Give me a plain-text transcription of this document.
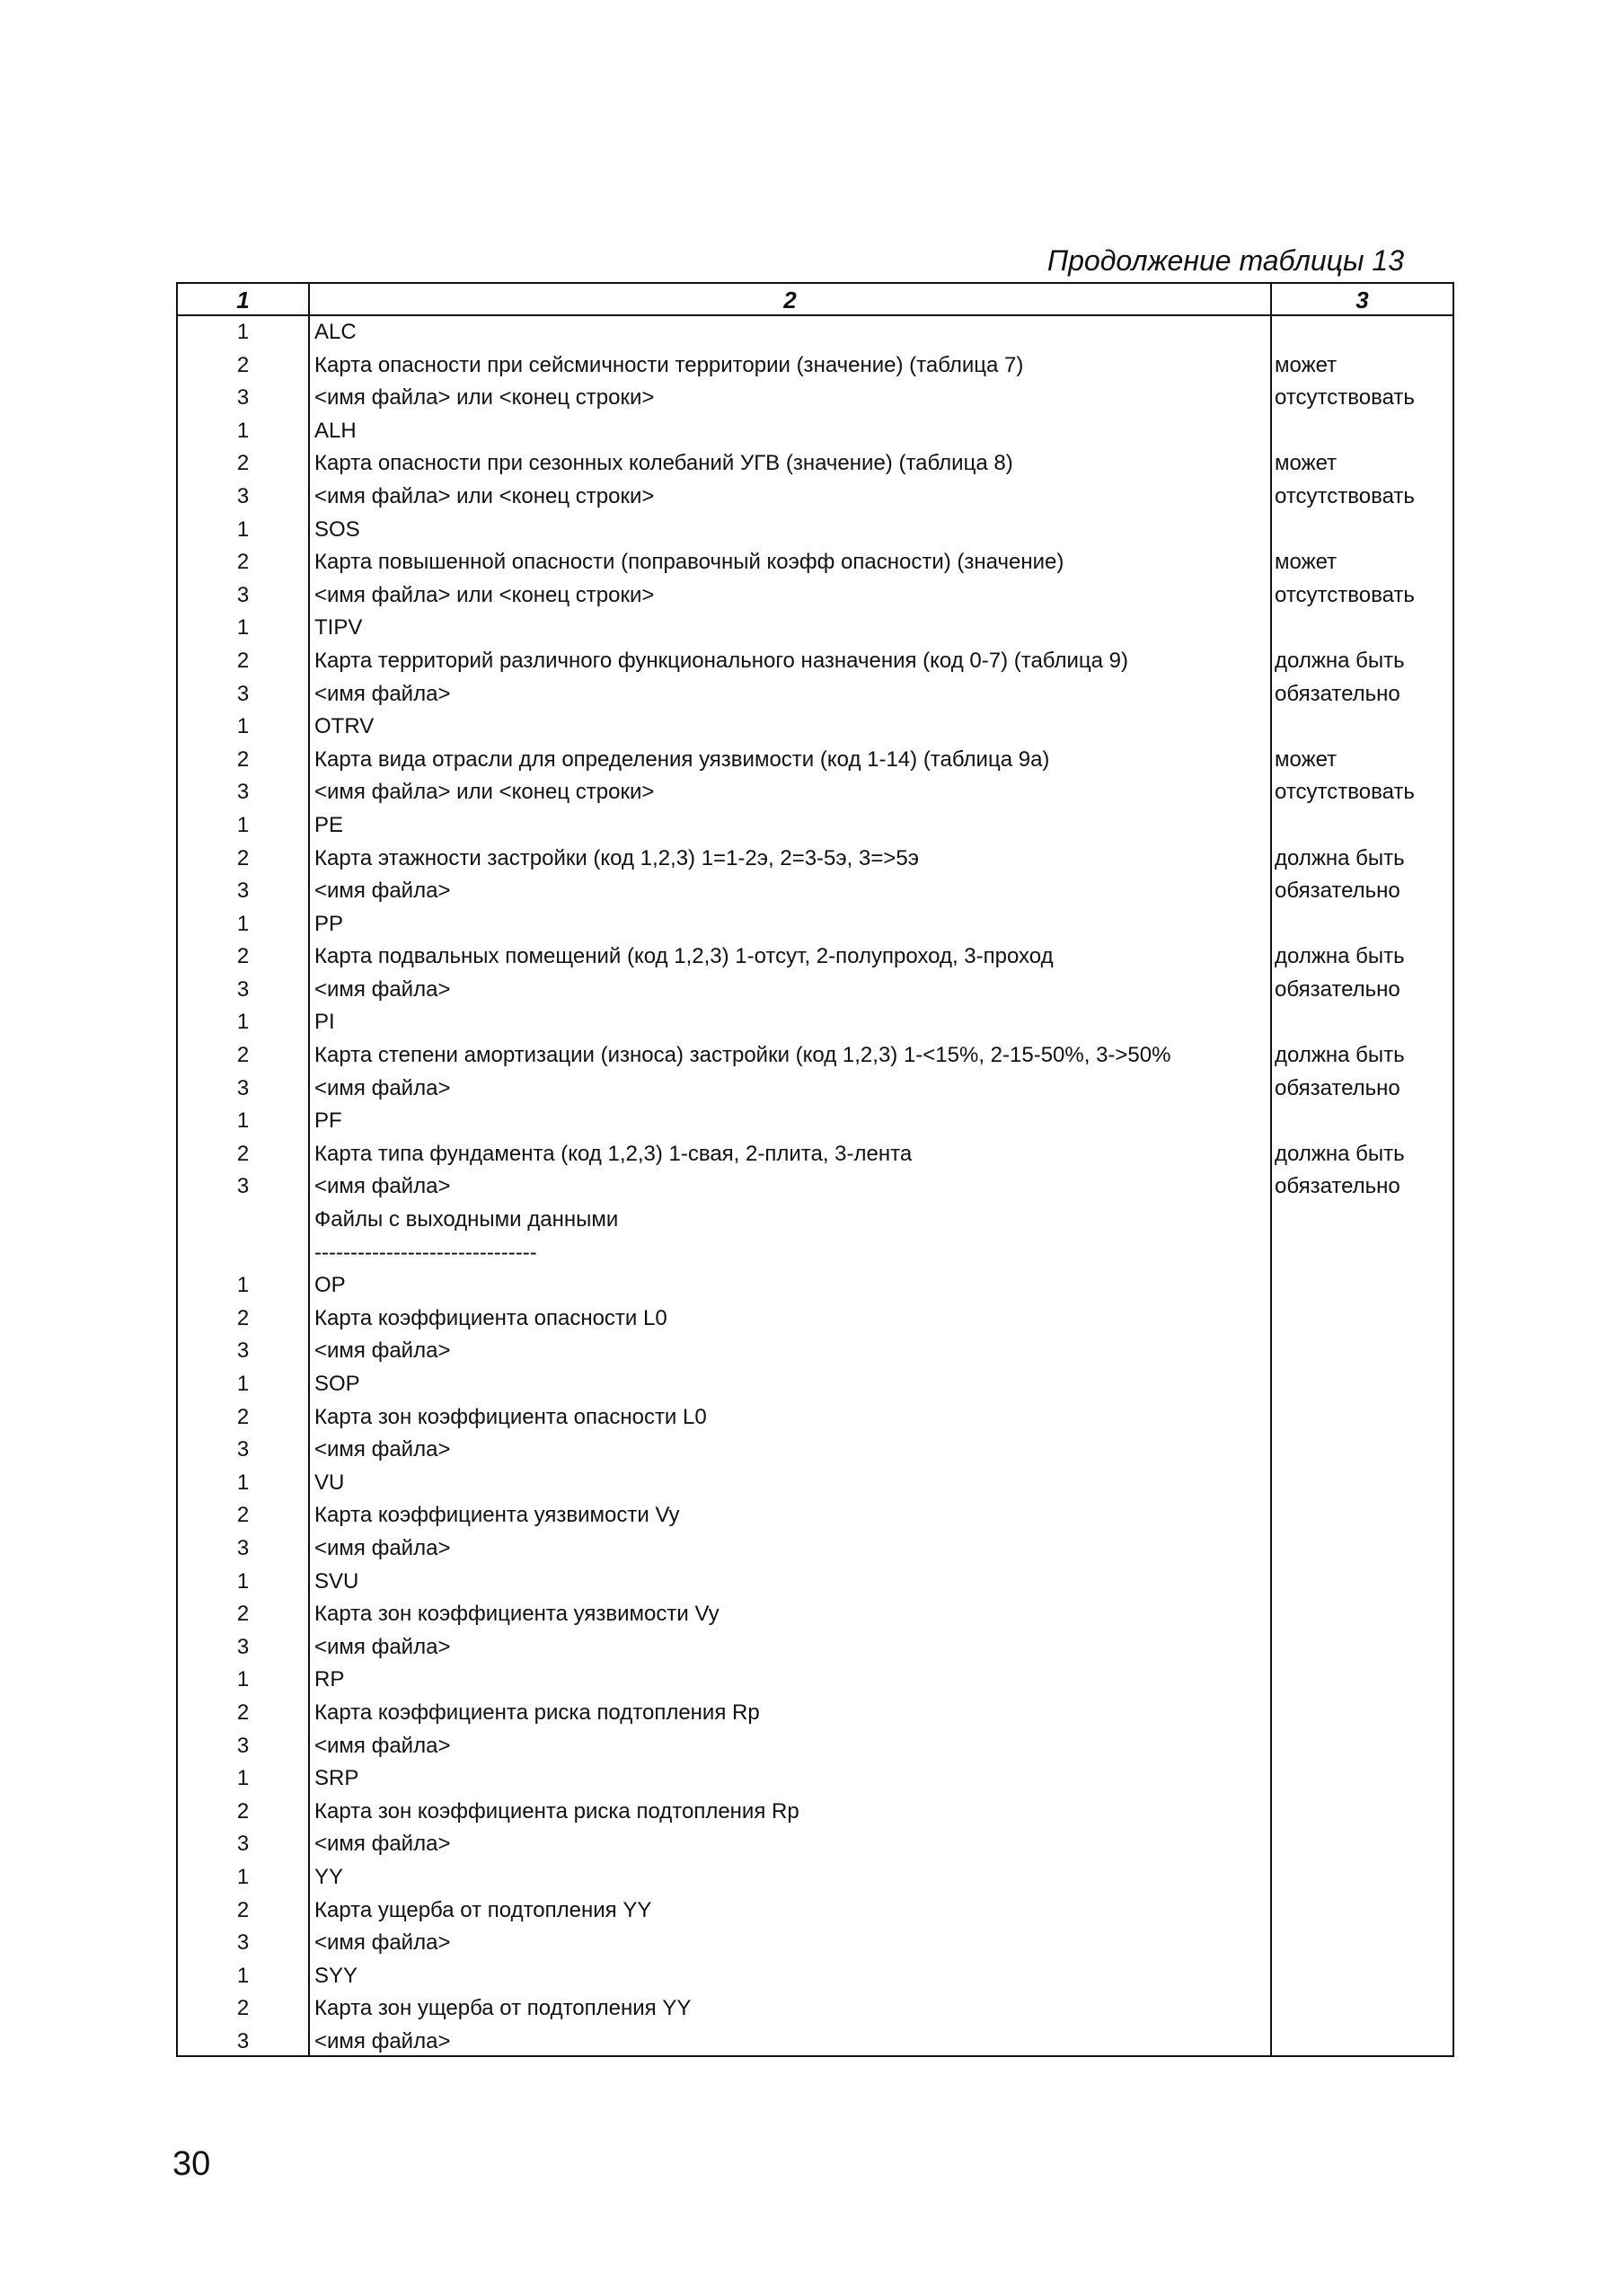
Продолжение таблицы 13
1	2	3
1	ALC
2	Карта опасности при сейсмичности территории (значение) (таблица 7)	может
3	<имя файла> или <конец строки>	отсутствовать
1	ALH
2	Карта опасности при сезонных колебаний УГВ (значение) (таблица 8)	может
3	<имя файла> или <конец строки>	отсутствовать
1	SOS
2	Карта повышенной опасности (поправочный коэфф опасности) (значение)	может
3	<имя файла> или <конец строки>	отсутствовать
1	TIPV
2	Карта территорий различного функционального назначения (код 0-7) (таблица 9)	должна быть
3	<имя файла>	обязательно
1	OTRV
2	Карта вида отрасли для определения уязвимости (код 1-14) (таблица 9а)	может
3	<имя файла> или <конец строки>	отсутствовать
1	PE
2	Карта этажности застройки (код 1,2,3) 1=1-2э, 2=3-5э, 3=>5э	должна быть
3	<имя файла>	обязательно
1	PP
2	Карта подвальных помещений (код 1,2,3) 1-отсут, 2-полупроход, 3-проход	должна быть
3	<имя файла>	обязательно
1	PI
2	Карта степени амортизации (износа) застройки (код 1,2,3) 1-<15%, 2-15-50%, 3->50%	должна быть
3	<имя файла>	обязательно
1	PF
2	Карта типа фундамента (код 1,2,3) 1-свая, 2-плита, 3-лента	должна быть
3	<имя файла>	обязательно
Файлы с выходными данными
-------------------------------
1	OP
2	Карта коэффициента опасности L0
3	<имя файла>
1	SOP
2	Карта зон коэффициента опасности L0
3	<имя файла>
1	VU
2	Карта коэффициента уязвимости Vy
3	<имя файла>
1	SVU
2	Карта зон коэффициента уязвимости Vy
3	<имя файла>
1	RP
2	Карта коэффициента риска подтопления Rp
3	<имя файла>
1	SRP
2	Карта зон коэффициента риска подтопления Rp
3	<имя файла>
1	YY
2	Карта ущерба от подтопления YY
3	<имя файла>
1	SYY
2	Карта зон ущерба от подтопления YY
3	<имя файла>
30
